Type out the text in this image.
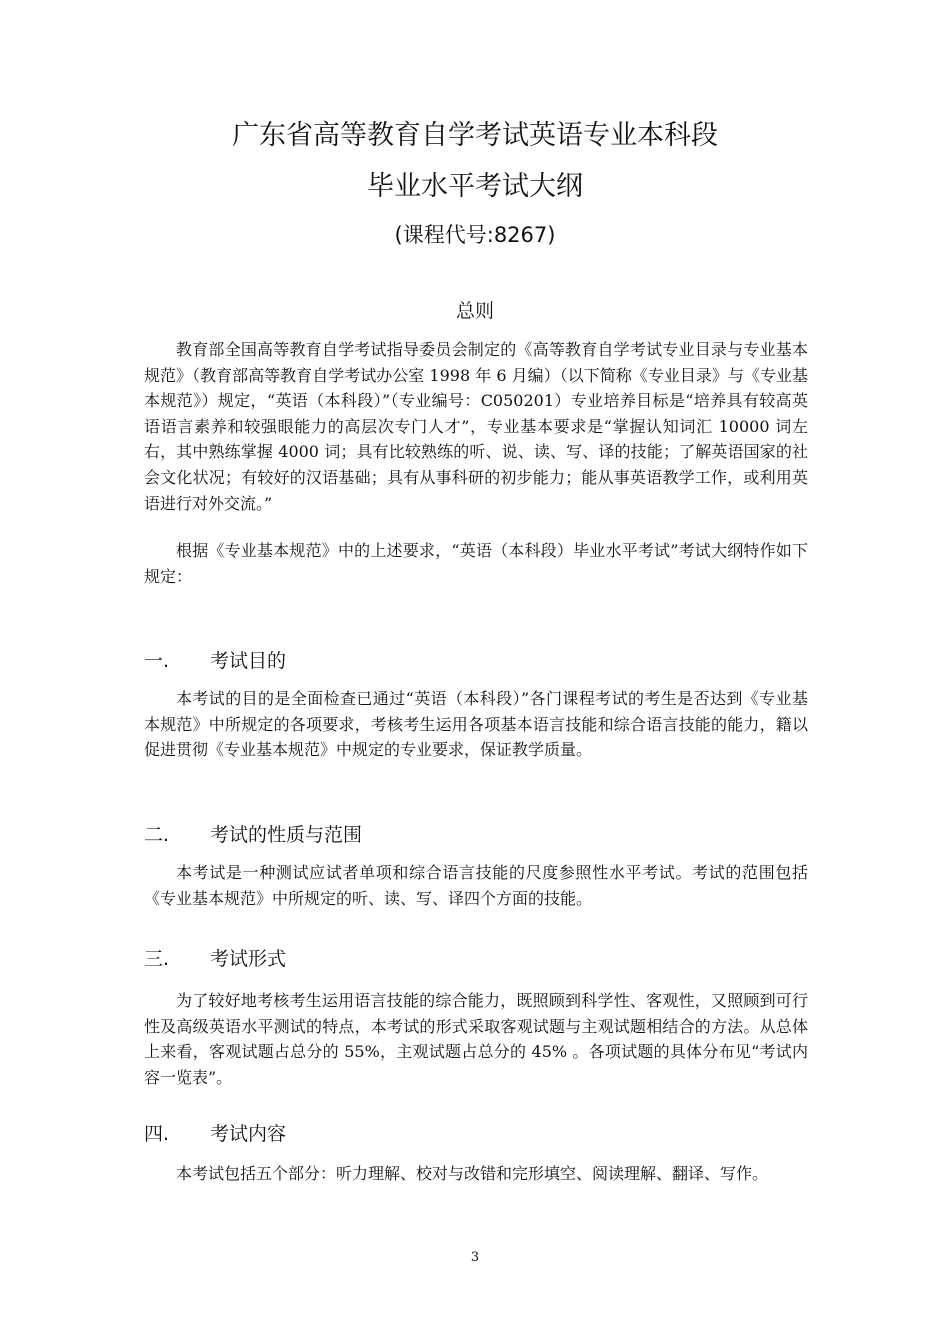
广东省高等教育自学考试英语专业本科段
毕业水平考试大纲
(课程代号:8267)
总则

教育部全国高等教育自学考试指导委员会制定的《高等教育自学考试专业目录与专业基本规范》（教育部高等教育自学考试办公室 1998 年 6 月编）（以下简称《专业目录》与《专业基本规范》）规定，“英语（本科段）”（专业编号：C050201）专业培养目标是“培养具有较高英语语言素养和较强眼能力的高层次专门人才”，专业基本要求是“掌握认知词汇 10000 词左右，其中熟练掌握 4000 词；具有比较熟练的听、说、读、写、译的技能；了解英语国家的社会文化状况；有较好的汉语基础；具有从事科研的初步能力；能从事英语教学工作，或利用英语进行对外交流。”

根据《专业基本规范》中的上述要求，“英语（本科段）毕业水平考试”考试大纲特作如下规定：

一. 考试目的

本考试的目的是全面检查已通过“英语（本科段）”各门课程考试的考生是否达到《专业基本规范》中所规定的各项要求，考核考生运用各项基本语言技能和综合语言技能的能力，籍以促进贯彻《专业基本规范》中规定的专业要求，保证教学质量。

二. 考试的性质与范围

本考试是一种测试应试者单项和综合语言技能的尺度参照性水平考试。考试的范围包括《专业基本规范》中所规定的听、读、写、译四个方面的技能。

三. 考试形式

为了较好地考核考生运用语言技能的综合能力，既照顾到科学性、客观性，又照顾到可行性及高级英语水平测试的特点，本考试的形式采取客观试题与主观试题相结合的方法。从总体上来看，客观试题占总分的 55%，主观试题占总分的 45% 。各项试题的具体分布见“考试内容一览表”。

四. 考试内容

本考试包括五个部分：听力理解、校对与改错和完形填空、阅读理解、翻译、写作。

3
